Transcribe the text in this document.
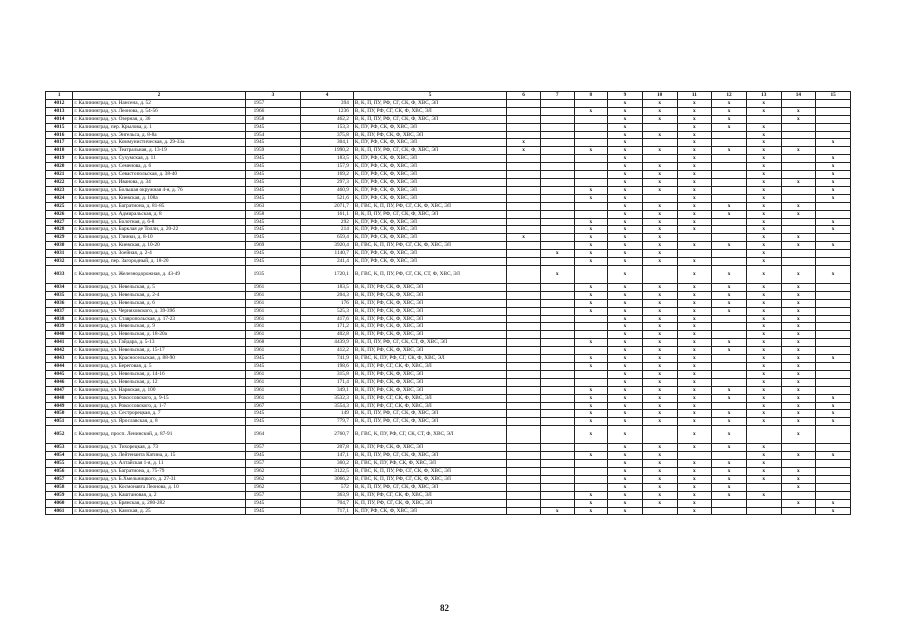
1	2	3	4	5	6	7	8	9	10	11	12	13	14	15
4012	г. Калининград, ул. Нансена, д. 52	1957	394	В, К, П, ПУ, РФ, СГ, СК, Ф, ХВС, ЭЛ				x	x	x	x	x		
4013	г. Калининград, ул. Леонова, д. 54-56	1966	1236	В, К, ПУ, РФ, СГ, СК, Ф, ХВС, ЭЛ			x	x	x	x	x	x	x	
4014	г. Калининград, ул. Озерная, д. 36	1958	462,2	В, К, П, ПУ, РФ, СГ, СК, Ф, ХВС, ЭЛ				x	x	x	x		x	
4015	г. Калининград, пер. Крылова, д. 1	1945	153,3	К, ПУ, РФ, СК, Ф, ХВС, ЭЛ				x		x	x	x		
4016	г. Калининград, ул. Энгельса, д. 8-8а	1954	375,8	В, К, ПУ, РФ, СК, Ф, ХВС, ЭЛ				x	x	x		x		
4017	г. Калининград, ул. Коммунистическая, д. 29-33а	1945	304,1	К, ПУ, РФ, СК, Ф, ХВС, ЭЛ	x			x		x		x		x
4018	г. Калининград, ул. Театральная, д. 13-19	1959	1990,2	В, К, П, ПУ, РФ, СГ, СК, Ф, ХВС, ЭЛ	x		x	x	x	x	x	x	x	
4019	г. Калининград, ул. Сухумская, д. 11	1945	183,5	К, ПУ, РФ, СК, Ф, ХВС, ЭЛ				x		x		x		x
4020	г. Калининград, ул. Семенова, д. 6	1945	157,9	К, ПУ, РФ, СК, Ф, ХВС, ЭЛ				x	x	x		x		x
4021	г. Калининград, ул. Севастопольская, д. 38-40	1945	169,2	К, ПУ, РФ, СК, Ф, ХВС, ЭЛ				x	x	x		x		x
4022	г. Калининград, ул. Иванова, д. 34	1945	297,3	К, ПУ, РФ, СК, Ф, ХВС, ЭЛ				x	x	x		x	x	x
4023	г. Калининград, ул. Большая окружная 4-я, д. 76	1945	460,9	К, ПУ, РФ, СК, Ф, ХВС, ЭЛ			x	x	x	x		x		x
4024	г. Калининград, ул. Киевская, д. 108а	1945	521,6	К, ПУ, РФ, СК, Ф, ХВС, ЭЛ			x	x		x		x		x
4025	г. Калининград, ул. Багратиона, д. 81-85	1963	2071,7	В, ГВС, К, П, ПУ, РФ, СГ, СК, Ф, ХВС, ЭЛ				x	x	x	x	x	x	
4026	г. Калининград, ул. Адмиральская, д. 8	1958	161,1	В, К, П, ПУ, РФ, СГ, СК, Ф, ХВС, ЭЛ				x	x	x	x	x	x	
4027	г. Калининград, ул. Болотная, д. 6-8	1945	292	К, ПУ, РФ, СК, Ф, ХВС, ЭЛ			x	x	x	x		x		x
4028	г. Калининград, ул. Барклая де Толли, д. 20-22	1945	214	К, ПУ, РФ, СК, Ф, ХВС, ЭЛ			x	x	x	x		x		x
4029	г. Калининград, ул. Глинки, д. 8-10	1945	659,4	К, ПУ, РФ, СК, Ф, ХВС, ЭЛ	x		x	x	x			x	x	
4030	г. Калининград, ул. Киевская, д. 10-20	1969	3920,4	В, ГВС, К, П, ПУ, РФ, СГ, СК, Ф, ХВС, ЭЛ			x	x	x	x	x	x	x	x
4031	г. Калининград, ул. Зоейная, д. 2-4	1945	1140,7	К, ПУ, РФ, СК, Ф, ХВС, ЭЛ		x	x	x	x			x		
4032	г. Калининград, пер. Загородный, д. 18-20	1945	241,4	К, ПУ, РФ, СК, Ф, ХВС, ЭЛ			x	x	x	x		x		
4033	г. Калининград, ул. Железнодорожная, д. 43-49	1935	1720,1	В, ГВС, К, П, ПУ, РФ, СГ, СК, СТ, Ф, ХВС, ЭЛ		x		x		x	x	x	x	x
4034	г. Калининград, ул. Невельская, д. 5	1961	183,5	В, К, ПУ, РФ, СК, Ф, ХВС, ЭЛ			x	x	x	x	x	x	x	
4035	г. Калининград, ул. Невельская, д. 2-4	1961	204,3	В, К, ПУ, РФ, СК, Ф, ХВС, ЭЛ			x	x	x	x	x	x	x	
4036	г. Калининград, ул. Невельская, д. 6	1961	176	В, К, ПУ, РФ, СК, Ф, ХВС, ЭЛ			x	x	x	x	x	x	x	
4037	г. Калининград, ул. Черняховского, д. 39-39б	1961	525,3	В, К, ПУ, РФ, СК, Ф, ХВС, ЭЛ			x	x	x	x	x	x	x	
4038	г. Калининград, ул. Ставропольская, д. 17-23	1961	417,6	В, К, ПУ, РФ, СК, Ф, ХВС, ЭЛ				x	x	x		x	x	
4039	г. Калининград, ул. Невельская, д. 9	1961	171,2	В, К, ПУ, РФ, СК, Ф, ХВС, ЭЛ				x	x	x		x	x	
4040	г. Калининград, ул. Невельская, д. 18-20а	1961	402,8	В, К, ПУ, РФ, СК, Ф, ХВС, ЭЛ				x	x	x		x	x	
4041	г. Калининград, ул. Гайдара, д. 5-13	1968	4439,9	В, К, П, ПУ, РФ, СГ, СК, СТ, Ф, ХВС, ЭЛ			x	x	x	x	x	x	x	
4042	г. Калининград, ул. Невельская, д. 15-17	1961	412,2	В, К, ПУ, РФ, СК, Ф, ХВС, ЭЛ				x	x	x	x	x	x	
4043	г. Калининград, ул. Красносельская, д. 88-90	1945	741,9	В, ГВС, К, ПУ, РФ, СГ, СК, Ф, ХВС, ЭЛ			x	x	x	x		x	x	x
4044	г. Калининград, ул. Береговая, д. 5	1945	198,6	В, К, ПУ, РФ, СГ, СК, Ф, ХВС, ЭЛ			x	x	x	x		x	x	
4045	г. Калининград, ул. Невельская, д. 14-16	1961	315,8	В, К, ПУ, РФ, СК, Ф, ХВС, ЭЛ				x	x	x		x	x	
4046	г. Калининград, ул. Невельская, д. 12	1961	171,4	В, К, ПУ, РФ, СК, Ф, ХВС, ЭЛ				x	x	x		x	x	
4047	г. Калининград, ул. Нарвская, д. 100	1961	349,1	В, К, ПУ, РФ, СК, Ф, ХВС, ЭЛ			x	x	x	x	x	x	x	
4048	г. Калининград, ул. Рокоссовского, д. 9-15	1961	3532,3	В, К, ПУ, РФ, СГ, СК, Ф, ХВС, ЭЛ			x	x	x	x	x	x	x	x
4049	г. Калининград, ул. Рокоссовского, д. 1-7	1967	3554,3	В, К, ПУ, РФ, СГ, СК, Ф, ХВС, ЭЛ			x	x	x	x		x	x	x
4050	г. Калининград, ул. Сестрорецкая, д. 7	1945	149	В, К, П, ПУ, РФ, СГ, СК, Ф, ХВС, ЭЛ			x	x	x	x	x	x	x	x
4051	г. Калининград, ул. Ярославская, д. 8	1945	779,7	В, К, П, ПУ, РФ, СГ, СК, Ф, ХВС, ЭЛ			x	x	x	x	x	x	x	x
4052	г. Калининград, просп. Ленинский, д. 87-91	1964	2760,7	В, ГВС, К, ПУ, РФ, СГ, СК, СТ, Ф, ХВС, ЭЛ			x	x		x	x		x	
4053	г. Калининград, ул. Тихорецкая, д. 73	1957	207,8	В, К, ПУ, РФ, СК, Ф, ХВС, ЭЛ				x	x	x	x	x		
4054	г. Калининград, ул. Лейтенанта Катина, д. 15	1945	147,1	В, К, П, ПУ, РФ, СГ, СК, Ф, ХВС, ЭЛ			x	x	x			x	x	x
4055	г. Калининград, ул. Алтайская 1-я, д. 11	1957	360,2	В, ГВС, К, ПУ, РФ, СК, Ф, ХВС, ЭЛ				x	x	x	x	x		
4056	г. Калининград, ул. Багратиона, д. 75-79	1962	3122,5	В, ГВС, К, П, ПУ, РФ, СГ, СК, Ф, ХВС, ЭЛ				x	x	x	x	x	x	
4057	г. Калининград, ул. Б.Хмельницкого, д. 27-31	1962	3066,2	В, ГВС, К, П, ПУ, РФ, СГ, СК, Ф, ХВС, ЭЛ				x	x	x	x	x	x	
4058	г. Калининград, ул. Космонавта Леонова, д. 10	1962	572	В, К, П, ПУ, РФ, СГ, СК, Ф, ХВС, ЭЛ				x	x	x	x		x	
4059	г. Калининград, ул. Каштановая, д. 2	1957	363,9	В, К, ПУ, РФ, СГ, СК, Ф, ХВС, ЭЛ			x	x	x	x	x	x		
4060	г. Калининград, ул. Брянская, д. 280-282	1945	704,7	К, П, ПУ, РФ, СГ, СК, Ф, ХВС, ЭЛ			x	x	x	x			x	x
4061	г. Калининград, ул. Камская, д. 25	1945	717,1	К, ПУ, РФ, СК, Ф, ХВС, ЭЛ		x	x	x		x				x
82
